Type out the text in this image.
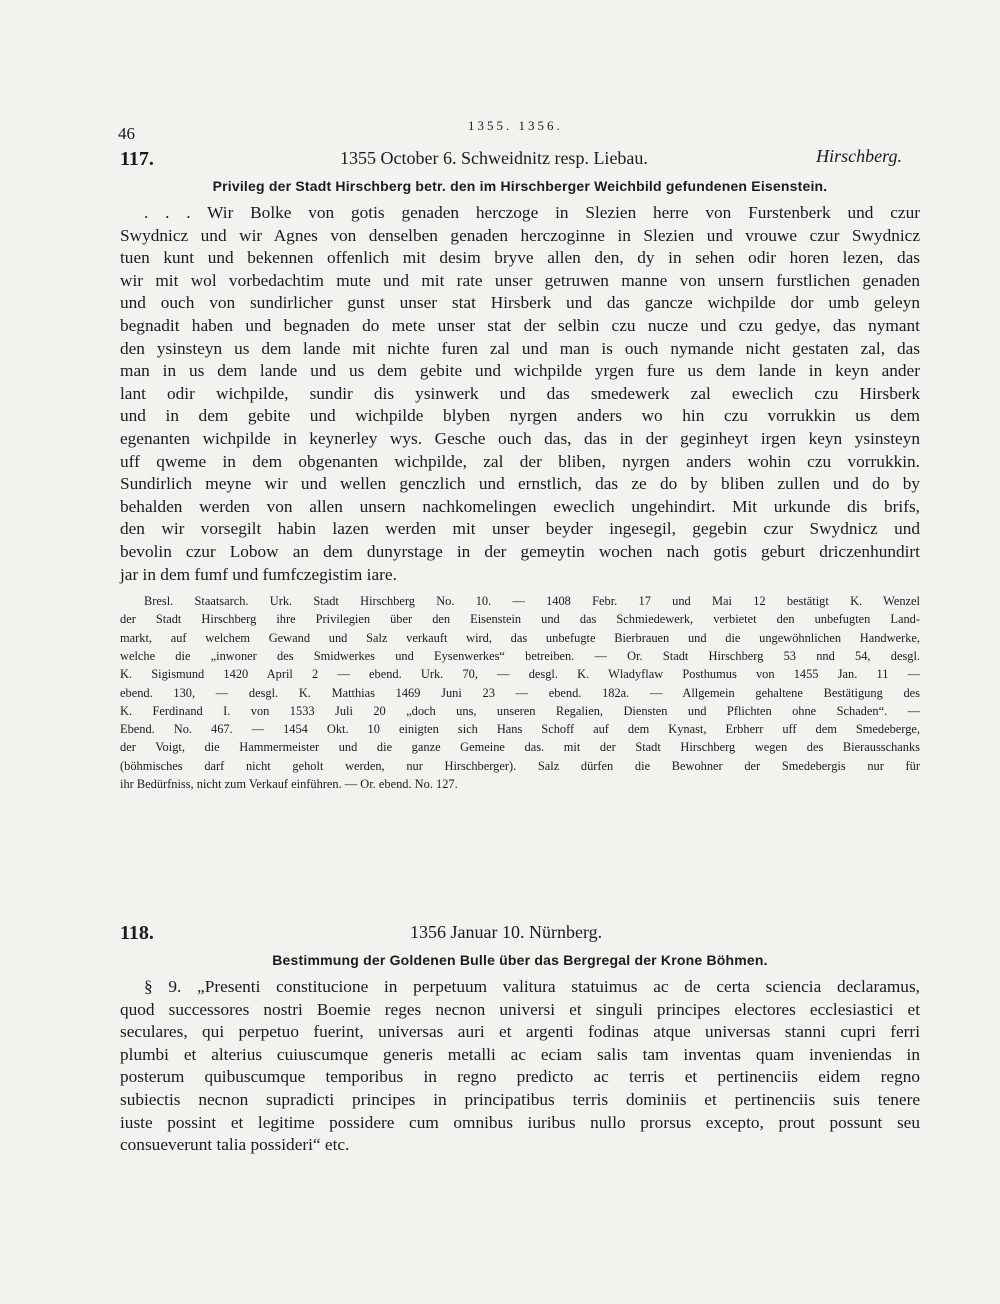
46	1355. 1356.
117.	1355 October 6. Schweidnitz resp. Liebau.	Hirschberg.
Privileg der Stadt Hirschberg betr. den im Hirschberger Weichbild gefundenen Eisenstein.
. . . Wir Bolke von gotis genaden herczoge in Slezien herre von Furstenberk und czur
Swydnicz und wir Agnes von denselben genaden herczoginne in Slezien und vrouwe czur Swydnicz
tuen kunt und bekennen offenlich mit desim bryve allen den, dy in sehen odir horen lezen, das
wir mit wol vorbedachtim mute und mit rate unser getruwen manne von unsern furstlichen genaden
und ouch von sundirlicher gunst unser stat Hirsberk und das gancze wichpilde dor umb geleyn
begnadit haben und begnaden do mete unser stat der selbin czu nucze und czu gedye, das nymant
den ysinsteyn us dem lande mit nichte furen zal und man is ouch nymande nicht gestaten zal, das
man in us dem lande und us dem gebite und wichpilde yrgen fure us dem lande in keyn ander
lant odir wichpilde, sundir dis ysinwerk und das smedewerk zal eweclich czu Hirsberk
und in dem gebite und wichpilde blyben nyrgen anders wo hin czu vorrukkin us dem
egenanten wichpilde in keynerley wys. Gesche ouch das, das in der geginheyt irgen keyn ysinsteyn
uff qweme in dem obgenanten wichpilde, zal der bliben, nyrgen anders wohin czu vorrukkin.
Sundirlich meyne wir und wellen genczlich und ernstlich, das ze do by bliben zullen und do by
behalden werden von allen unsern nachkomelingen eweclich ungehindirt. Mit urkunde dis brifs,
den wir vorsegilt habin lazen werden mit unser beyder ingesegil, gegebin czur Swydnicz und
bevolin czur Lobow an dem dunyrstage in der gemeytin wochen nach gotis geburt driczenhundirt
jar in dem fumf und fumfczegistim iare.
Bresl. Staatsarch. Urk. Stadt Hirschberg No. 10. — 1408 Febr. 17 und Mai 12 bestätigt K. Wenzel
der Stadt Hirschberg ihre Privilegien über den Eisenstein und das Schmiedewerk, verbietet den unbefugten Land-
markt, auf welchem Gewand und Salz verkauft wird, das unbefugte Bierbrauen und die ungewöhnlichen Handwerke,
welche die „inwoner des Smidwerkes und Eysenwerkes“ betreiben. — Or. Stadt Hirschberg 53 nnd 54, desgl.
K. Sigismund 1420 April 2 — ebend. Urk. 70, — desgl. K. Wladyflaw Posthumus von 1455 Jan. 11 —
ebend. 130, — desgl. K. Matthias 1469 Juni 23 — ebend. 182a. — Allgemein gehaltene Bestätigung des
K. Ferdinand I. von 1533 Juli 20 „doch uns, unseren Regalien, Diensten und Pflichten ohne Schaden“. —
Ebend. No. 467. — 1454 Okt. 10 einigten sich Hans Schoff auf dem Kynast, Erbherr uff dem Smedeberge,
der Voigt, die Hammermeister und die ganze Gemeine das. mit der Stadt Hirschberg wegen des Bierausschanks
(böhmisches darf nicht geholt werden, nur Hirschberger). Salz dürfen die Bewohner der Smedebergis nur für
ihr Bedürfniss, nicht zum Verkauf einführen. — Or. ebend. No. 127.
118.	1356 Januar 10. Nürnberg.
Bestimmung der Goldenen Bulle über das Bergregal der Krone Böhmen.
§ 9. „Presenti constitucione in perpetuum valitura statuimus ac de certa sciencia declaramus,
quod successores nostri Boemie reges necnon universi et singuli principes electores ecclesiastici et
seculares, qui perpetuo fuerint, universas auri et argenti fodinas atque universas stanni cupri ferri
plumbi et alterius cuiuscumque generis metalli ac eciam salis tam inventas quam inveniendas in
posterum quibuscumque temporibus in regno predicto ac terris et pertinenciis eidem regno
subiectis necnon supradicti principes in principatibus terris dominiis et pertinenciis suis tenere
iuste possint et legitime possidere cum omnibus iuribus nullo prorsus excepto, prout possunt seu
consueverunt talia possideri“ etc.
